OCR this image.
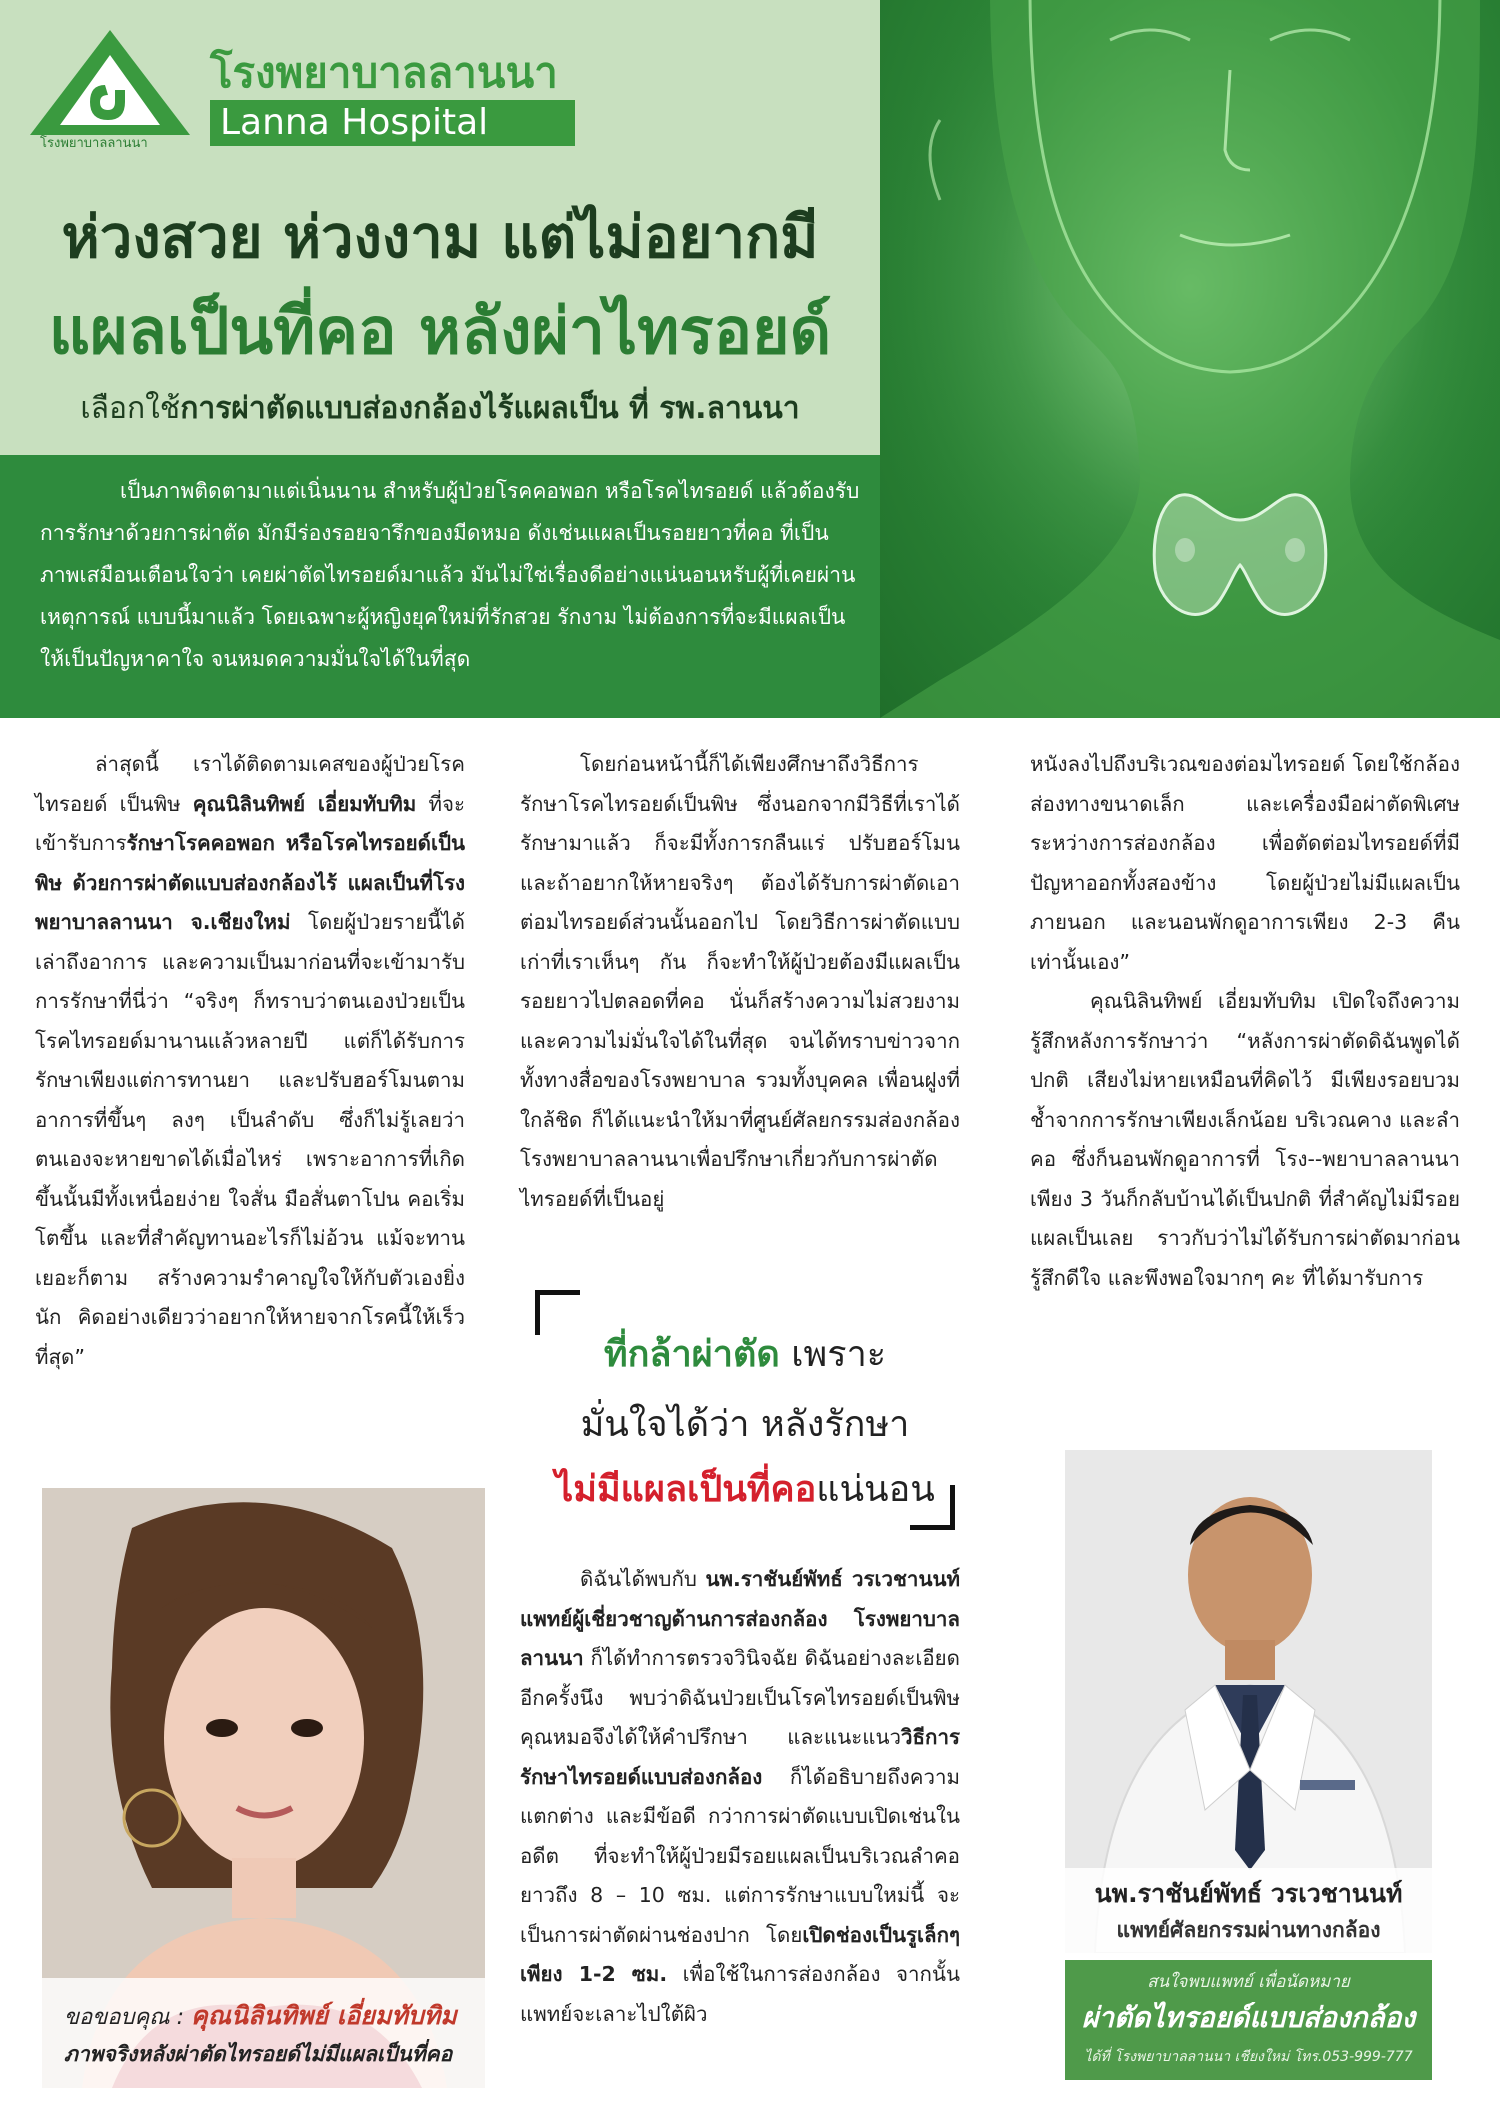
โรงพยาบาลลานนา
โรงพยาบาลลานนา
Lanna Hospital
ห่วงสวย ห่วงงาม แต่ไม่อยากมี
แผลเป็นที่คอ หลังผ่าไทรอยด์
เลือกใช้การผ่าตัดแบบส่องกล้องไร้แผลเป็น ที่ รพ.ลานนา
เป็นภาพติดตามาแต่เนิ่นนาน สำหรับผู้ป่วยโรคคอพอก หรือโรคไทรอยด์ แล้วต้องรับการรักษาด้วยการผ่าตัด มักมีร่องรอยจารึกของมีดหมอ ดังเช่นแผลเป็นรอยยาวที่คอ ที่เป็นภาพเสมือนเตือนใจว่า เคยผ่าตัดไทรอยด์มาแล้ว มันไม่ใช่เรื่องดีอย่างแน่นอนหรับผู้ที่เคยผ่านเหตุการณ์ แบบนี้มาแล้ว โดยเฉพาะผู้หญิงยุคใหม่ที่รักสวย รักงาม ไม่ต้องการที่จะมีแผลเป็น ให้เป็นปัญหาคาใจ จนหมดความมั่นใจได้ในที่สุด

ล่าสุดนี้ เราได้ติดตามเคสของผู้ป่วยโรคไทรอยด์ เป็นพิษ คุณนิลินทิพย์ เอี่ยมทับทิม ที่จะเข้ารับการรักษาโรคคอพอก หรือโรคไทรอยด์เป็นพิษ ด้วยการผ่าตัดแบบส่องกล้องไร้ แผลเป็นที่โรงพยาบาลลานนา จ.เชียงใหม่ โดยผู้ป่วยรายนี้ได้เล่าถึงอาการ และความเป็นมาก่อนที่จะเข้ามารับการรักษาที่นี่ว่า “จริงๆ ก็ทราบว่าตนเองป่วยเป็นโรคไทรอยด์มานานแล้วหลายปี แต่ก็ได้รับการรักษาเพียงแต่การทานยา และปรับฮอร์โมนตามอาการที่ขึ้นๆ ลงๆ เป็นลำดับ ซึ่งก็ไม่รู้เลยว่าตนเองจะหายขาดได้เมื่อไหร่ เพราะอาการที่เกิดขึ้นนั้นมีทั้งเหนื่อยง่าย ใจสั่น มือสั่นตาโปน คอเริ่มโตขึ้น และที่สำคัญทานอะไรก็ไม่อ้วน แม้จะทานเยอะก็ตาม สร้างความรำคาญใจให้กับตัวเองยิ่งนัก คิดอย่างเดียวว่าอยากให้หายจากโรคนี้ให้เร็วที่สุด”

โดยก่อนหน้านี้ก็ได้เพียงศึกษาถึงวิธีการรักษาโรคไทรอยด์เป็นพิษ ซึ่งนอกจากมีวิธีที่เราได้รักษามาแล้ว ก็จะมีทั้งการกลืนแร่ ปรับฮอร์โมนและถ้าอยากให้หายจริงๆ ต้องได้รับการผ่าตัดเอาต่อมไทรอยด์ส่วนนั้นออกไป โดยวิธีการผ่าตัดแบบเก่าที่เราเห็นๆ กัน ก็จะทำให้ผู้ป่วยต้องมีแผลเป็นรอยยาวไปตลอดที่คอ นั่นก็สร้างความไม่สวยงาม และความไม่มั่นใจได้ในที่สุด จนได้ทราบข่าวจากทั้งทางสื่อของโรงพยาบาล รวมทั้งบุคคล เพื่อนฝูงที่ใกล้ชิด ก็ได้แนะนำให้มาที่ศูนย์ศัลยกรรมส่องกล้อง โรงพยาบาลลานนาเพื่อปรึกษาเกี่ยวกับการผ่าตัดไทรอยด์ที่เป็นอยู่

ที่กล้าผ่าตัด เพราะ
มั่นใจได้ว่า หลังรักษา
ไม่มีแผลเป็นที่คอแน่นอน

ดิฉันได้พบกับ นพ.ราชันย์พัทธ์ วรเวชานนท์ แพทย์ผู้เชี่ยวชาญด้านการส่องกล้อง โรงพยาบาลลานนา ก็ได้ทำการตรวจวินิจฉัย ดิฉันอย่างละเอียดอีกครั้งนึง พบว่าดิฉันป่วยเป็นโรคไทรอยด์เป็นพิษ คุณหมอจึงได้ให้คำปรึกษา และแนะแนววิธีการรักษาไทรอยด์แบบส่องกล้อง ก็ได้อธิบายถึงความแตกต่าง และมีข้อดี กว่าการผ่าตัดแบบเปิดเช่นในอดีต ที่จะทำให้ผู้ป่วยมีรอยแผลเป็นบริเวณลำคอยาวถึง 8 – 10 ซม. แต่การรักษาแบบใหม่นี้ จะเป็นการผ่าตัดผ่านช่องปาก โดยเปิดช่องเป็นรูเล็กๆ เพียง 1-2 ซม. เพื่อใช้ในการส่องกล้อง จากนั้นแพทย์จะเลาะไปใต้ผิว

หนังลงไปถึงบริเวณของต่อมไทรอยด์ โดยใช้กล้องส่องทางขนาดเล็ก และเครื่องมือผ่าตัดพิเศษระหว่างการส่องกล้อง เพื่อตัดต่อมไทรอยด์ที่มีปัญหาออกทั้งสองข้าง โดยผู้ป่วยไม่มีแผลเป็นภายนอก และนอนพักดูอาการเพียง 2-3 คืนเท่านั้นเอง”

คุณนิลินทิพย์ เอี่ยมทับทิม เปิดใจถึงความรู้สึกหลังการรักษาว่า “หลังการผ่าตัดดิฉันพูดได้ปกติ เสียงไม่หายเหมือนที่คิดไว้ มีเพียงรอยบวมช้ำจากการรักษาเพียงเล็กน้อย บริเวณคาง และลำคอ ซึ่งก็นอนพักดูอาการที่ โรง--พยาบาลลานนา เพียง 3 วันก็กลับบ้านได้เป็นปกติ ที่สำคัญไม่มีรอยแผลเป็นเลย ราวกับว่าไม่ได้รับการผ่าตัดมาก่อน รู้สึกดีใจ และพึงพอใจมากๆ คะ ที่ได้มารับการ

ขอขอบคุณ : คุณนิลินทิพย์ เอี่ยมทับทิม
ภาพจริงหลังผ่าตัดไทรอยด์ไม่มีแผลเป็นที่คอ
นพ.ราชันย์พัทธ์ วรเวชานนท์
แพทย์ศัลยกรรมผ่านทางกล้อง
สนใจพบแพทย์ เพื่อนัดหมาย
ผ่าตัดไทรอยด์แบบส่องกล้อง
ได้ที่ โรงพยาบาลลานนา เชียงใหม่ โทร.053-999-777
